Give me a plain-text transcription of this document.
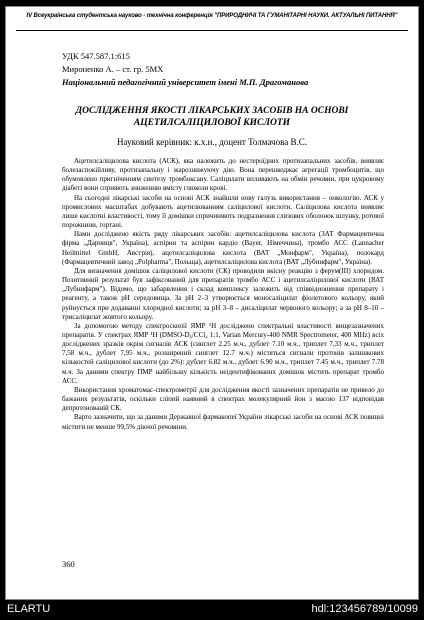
IV Всеукраїнська студентська науково - технічна конференція "ПРИРОДНИЧІ ТА ГУМАНІТАРНІ НАУКИ. АКТУАЛЬНІ ПИТАННЯ"
УДК 547.587.1:615
Мироненко А. – ст. гр. 5МХ
Національний педагогічний університет імені М.П. Драгоманова
ДОСЛІДЖЕННЯ ЯКОСТІ ЛІКАРСЬКИХ ЗАСОБІВ НА ОСНОВІ АЦЕТИЛСАЛІЦИЛОВОЇ КИСЛОТИ
Науковий керівник: к.х.н., доцент Толмачова В.С.

Ацетилсаліцилова кислота (АСК), яка належить до нестероїдних протизапальних засобів, виявляє болезаспокійливу, протизапальну і жарознижуючу дію. Вона перешкоджає агрегації тромбоцитів, що обумовлено пригніченням синтезу тромбоксану. Саліцилати впливають на обмін речовин, при цукровому діабеті вони сприяють зниженню вмісту глюкози крові.

На сьогодні лікарські засоби на основі АСК знайшли нову галузь використання – онкологію. АСК у промислових масштабах добувають ацетилюванням саліцилової кислоти. Саліцилова кислота виявляє лише кислотні властивості, тому її домішки спричиняють подразнення слизових оболонок шлунку, ротової порожнини, гортані.

Нами досліджено якість ряду лікарських засобів: ацетилсаліцилова кислота (ЗАТ Фармацевтична фірма „Дарниця", Україна), аспірин та аспірин кардіо (Bayer, Німеччина), тромбо АСС (Lannacher Heilmittel GmbH, Австрія), ацетилсаліцилова кислота (ВАТ „Монфарм", Україна), полокард (Фармацевтичний завод „Polpharma", Польща), ацетилсаліцилова кислота (ВАТ „Лубнифарм", Україна).

Для визначення домішок саліцилової кислоти (СК) проводили якісну реакцію з ферум(ІІІ) хлоридом. Позитивний результат був зафіксований для препаратів тромбо АСС і ацетилсаліцилової кислоти (ВАТ „Лубнифарм"). Відомо, що забарвлення і склад комплексу залежить від співвідношення препарату і реагенту, а також рН середовища. За рН 2–3 утворюється моносаліцилат фіолетового кольору, який руйнується при додаванні хлоридної кислоти; за рН 3–8 – дисаліцилат червоного кольору; а за рН 8–10 – трисаліцилат жовтого кольору.

За допомогою методу спектроскопії ЯМР ¹Н досліджено спектральні властивості вищезазначених препаратів. У спектрах ЯМР ¹Н (DMSO-D₆/CCl₄ 1:1, Varian Mercury-400 NMR Spectrometer, 400 MHz) всіх досліджених зразків окрім сигналів АСК (синглет 2.25 м.ч., дублет 7.10 м.ч., триплет 7,33 м.ч., триплет 7,58 м.ч., дублет 7,95 м.ч., розширений синглет 12.7 м.ч.) містяться сигнали протонів залишкових кількостей саліцилової кислоти (до 2%): дублет 6.82 м.ч., дублет 6.90 м.ч., триплет 7.45 м.ч., триплет 7.78 м.ч. За даними спектру ПМР найбільшу кількість неідентифікованих домішок містить препарат тромбо АСС.

Використання хроматомас-спектрометрії для дослідження якості зазначених препаратів не привело до бажаних результатів, оскільки сліпий наявний в спектрах молекулярний йон з масою 137 відповідав депротонованій СК.

Варто зазначити, що за даними Державної фармакопеї України лікарські засоби на основі АСК повинні містити не менше 99,5% діючої речовини.

360
ELARTU	hdl:123456789/10099
